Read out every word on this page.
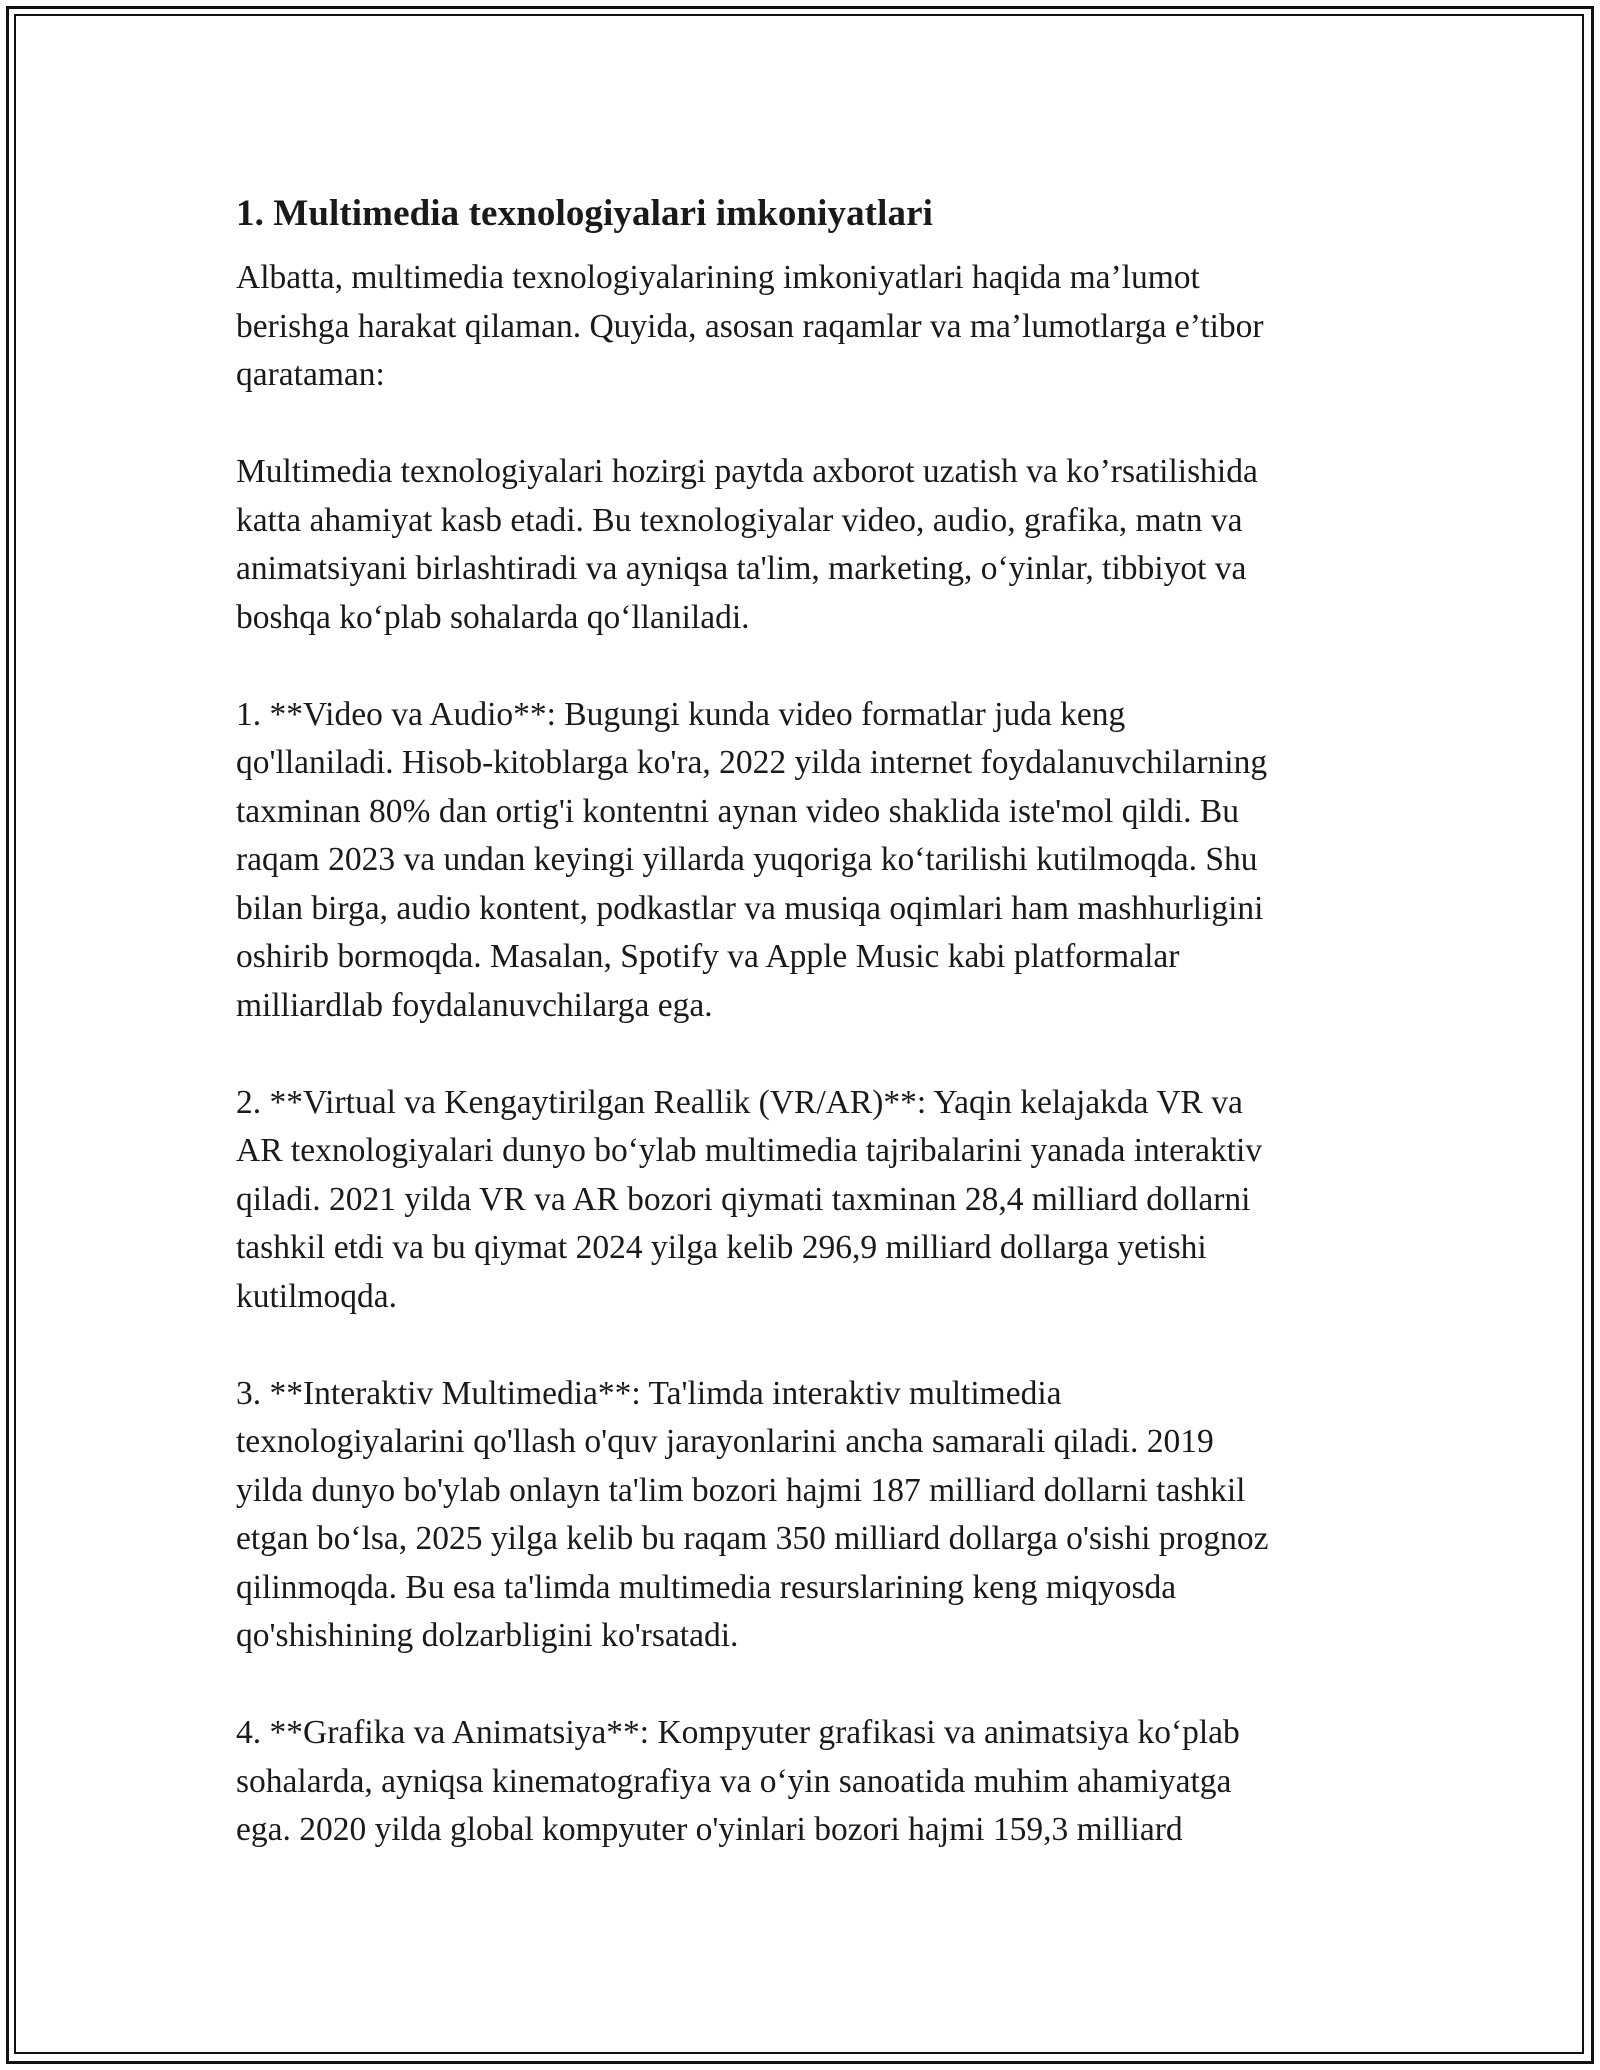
1. Multimedia texnologiyalari imkoniyatlari

Albatta, multimedia texnologiyalarining imkoniyatlari haqida ma’lumot
berishga harakat qilaman. Quyida, asosan raqamlar va ma’lumotlarga e’tibor
qarataman:

Multimedia texnologiyalari hozirgi paytda axborot uzatish va ko’rsatilishida
katta ahamiyat kasb etadi. Bu texnologiyalar video, audio, grafika, matn va
animatsiyani birlashtiradi va ayniqsa ta'lim, marketing, o‘yinlar, tibbiyot va
boshqa ko‘plab sohalarda qo‘llaniladi.

1. **Video va Audio**: Bugungi kunda video formatlar juda keng
qo'llaniladi. Hisob-kitoblarga ko'ra, 2022 yilda internet foydalanuvchilarning
taxminan 80% dan ortig'i kontentni aynan video shaklida iste'mol qildi. Bu
raqam 2023 va undan keyingi yillarda yuqoriga ko‘tarilishi kutilmoqda. Shu
bilan birga, audio kontent, podkastlar va musiqa oqimlari ham mashhurligini
oshirib bormoqda. Masalan, Spotify va Apple Music kabi platformalar
milliardlab foydalanuvchilarga ega.

2. **Virtual va Kengaytirilgan Reallik (VR/AR)**: Yaqin kelajakda VR va
AR texnologiyalari dunyo bo‘ylab multimedia tajribalarini yanada interaktiv
qiladi. 2021 yilda VR va AR bozori qiymati taxminan 28,4 milliard dollarni
tashkil etdi va bu qiymat 2024 yilga kelib 296,9 milliard dollarga yetishi
kutilmoqda.

3. **Interaktiv Multimedia**: Ta'limda interaktiv multimedia
texnologiyalarini qo'llash o'quv jarayonlarini ancha samarali qiladi. 2019
yilda dunyo bo'ylab onlayn ta'lim bozori hajmi 187 milliard dollarni tashkil
etgan bo‘lsa, 2025 yilga kelib bu raqam 350 milliard dollarga o'sishi prognoz
qilinmoqda. Bu esa ta'limda multimedia resurslarining keng miqyosda
qo'shishining dolzarbligini ko'rsatadi.

4. **Grafika va Animatsiya**: Kompyuter grafikasi va animatsiya ko‘plab
sohalarda, ayniqsa kinematografiya va o‘yin sanoatida muhim ahamiyatga
ega. 2020 yilda global kompyuter o'yinlari bozori hajmi 159,3 milliard
